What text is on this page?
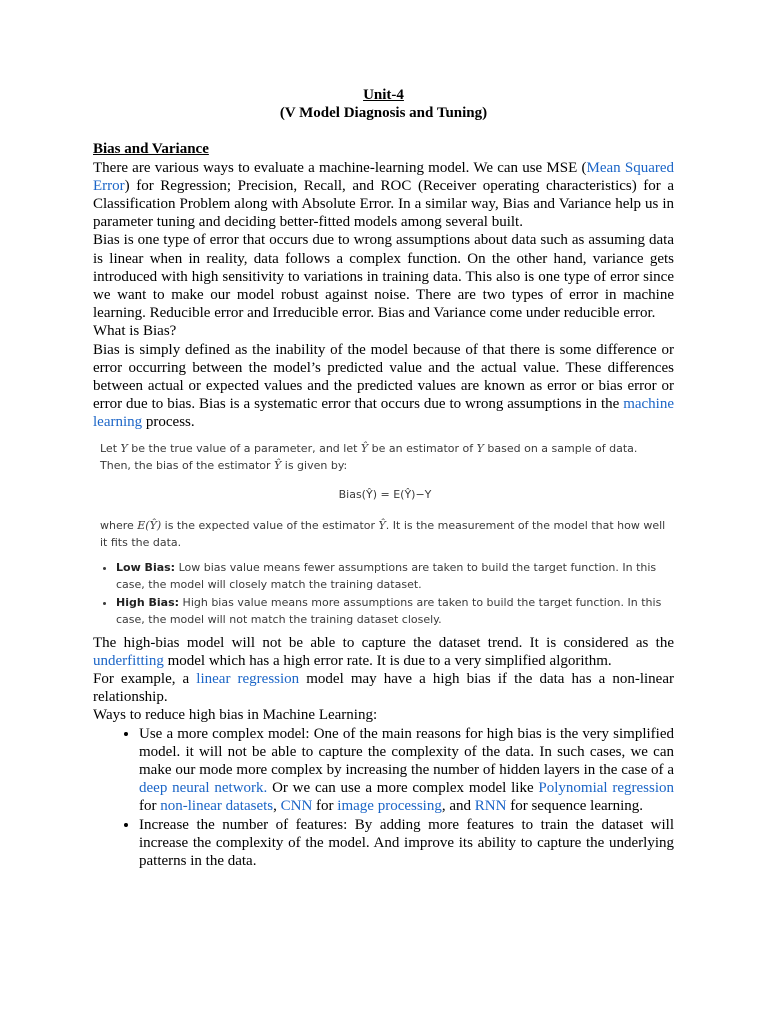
Unit-4
(V Model Diagnosis and Tuning)
Bias and Variance

There are various ways to evaluate a machine-learning model. We can use MSE (Mean Squared Error) for Regression; Precision, Recall, and ROC (Receiver operating characteristics) for a Classification Problem along with Absolute Error. In a similar way, Bias and Variance help us in parameter tuning and deciding better-fitted models among several built.

Bias is one type of error that occurs due to wrong assumptions about data such as assuming data is linear when in reality, data follows a complex function. On the other hand, variance gets introduced with high sensitivity to variations in training data. This also is one type of error since we want to make our model robust against noise. There are two types of error in machine learning. Reducible error and Irreducible error. Bias and Variance come under reducible error.

What is Bias?

Bias is simply defined as the inability of the model because of that there is some difference or error occurring between the model’s predicted value and the actual value. These differences between actual or expected values and the predicted values are known as error or bias error or error due to bias. Bias is a systematic error that occurs due to wrong assumptions in the machine learning process.

Let Y be the true value of a parameter, and let Ŷ be an estimator of Y based on a sample of data. Then, the bias of the estimator Ŷ is given by:

Bias(Ŷ) = E(Ŷ)−Y

where E(Ŷ) is the expected value of the estimator Ŷ. It is the measurement of the model that how well it fits the data.

• Low Bias: Low bias value means fewer assumptions are taken to build the target function. In this case, the model will closely match the training dataset.
• High Bias: High bias value means more assumptions are taken to build the target function. In this case, the model will not match the training dataset closely.

The high-bias model will not be able to capture the dataset trend. It is considered as the underfitting model which has a high error rate. It is due to a very simplified algorithm.

For example, a linear regression model may have a high bias if the data has a non-linear relationship.

Ways to reduce high bias in Machine Learning:

• Use a more complex model: One of the main reasons for high bias is the very simplified model. it will not be able to capture the complexity of the data. In such cases, we can make our mode more complex by increasing the number of hidden layers in the case of a deep neural network. Or we can use a more complex model like Polynomial regression for non-linear datasets, CNN for image processing, and RNN for sequence learning.
• Increase the number of features: By adding more features to train the dataset will increase the complexity of the model. And improve its ability to capture the underlying patterns in the data.
